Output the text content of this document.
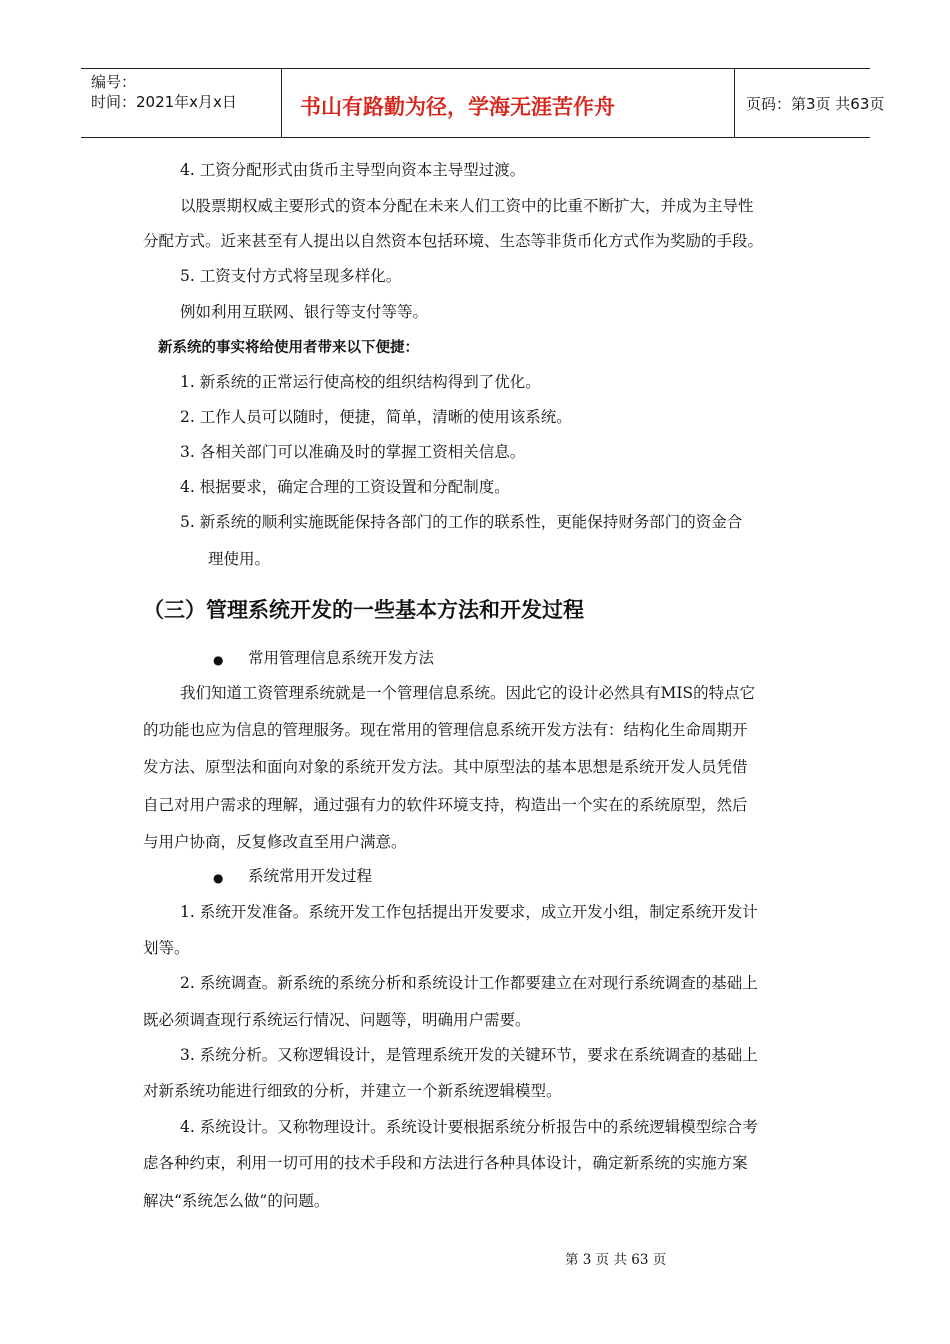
编号：
时间：2021年x月x日	书山有路勤为径，学海无涯苦作舟	页码：第3页 共63页
4. 工资分配形式由货币主导型向资本主导型过渡。
以股票期权威主要形式的资本分配在未来人们工资中的比重不断扩大，并成为主导性
分配方式。近来甚至有人提出以自然资本包括环境、生态等非货币化方式作为奖励的手段。
5. 工资支付方式将呈现多样化。
例如利用互联网、银行等支付等等。
新系统的事实将给使用者带来以下便捷：
1. 新系统的正常运行使高校的组织结构得到了优化。
2. 工作人员可以随时，便捷，简单，清晰的使用该系统。
3. 各相关部门可以准确及时的掌握工资相关信息。
4. 根据要求，确定合理的工资设置和分配制度。
5. 新系统的顺利实施既能保持各部门的工作的联系性，更能保持财务部门的资金合
理使用。
（三）管理系统开发的一些基本方法和开发过程
● 常用管理信息系统开发方法
我们知道工资管理系统就是一个管理信息系统。因此它的设计必然具有MIS的特点它
的功能也应为信息的管理服务。现在常用的管理信息系统开发方法有：结构化生命周期开
发方法、原型法和面向对象的系统开发方法。其中原型法的基本思想是系统开发人员凭借
自己对用户需求的理解，通过强有力的软件环境支持，构造出一个实在的系统原型，然后
与用户协商，反复修改直至用户满意。
● 系统常用开发过程
1. 系统开发准备。系统开发工作包括提出开发要求，成立开发小组，制定系统开发计
划等。
2. 系统调查。新系统的系统分析和系统设计工作都要建立在对现行系统调查的基础上
既必须调查现行系统运行情况、问题等，明确用户需要。
3. 系统分析。又称逻辑设计，是管理系统开发的关键环节，要求在系统调查的基础上
对新系统功能进行细致的分析，并建立一个新系统逻辑模型。
4. 系统设计。又称物理设计。系统设计要根据系统分析报告中的系统逻辑模型综合考
虑各种约束，利用一切可用的技术手段和方法进行各种具体设计，确定新系统的实施方案
解决“系统怎么做”的问题。
第 3 页 共 63 页
